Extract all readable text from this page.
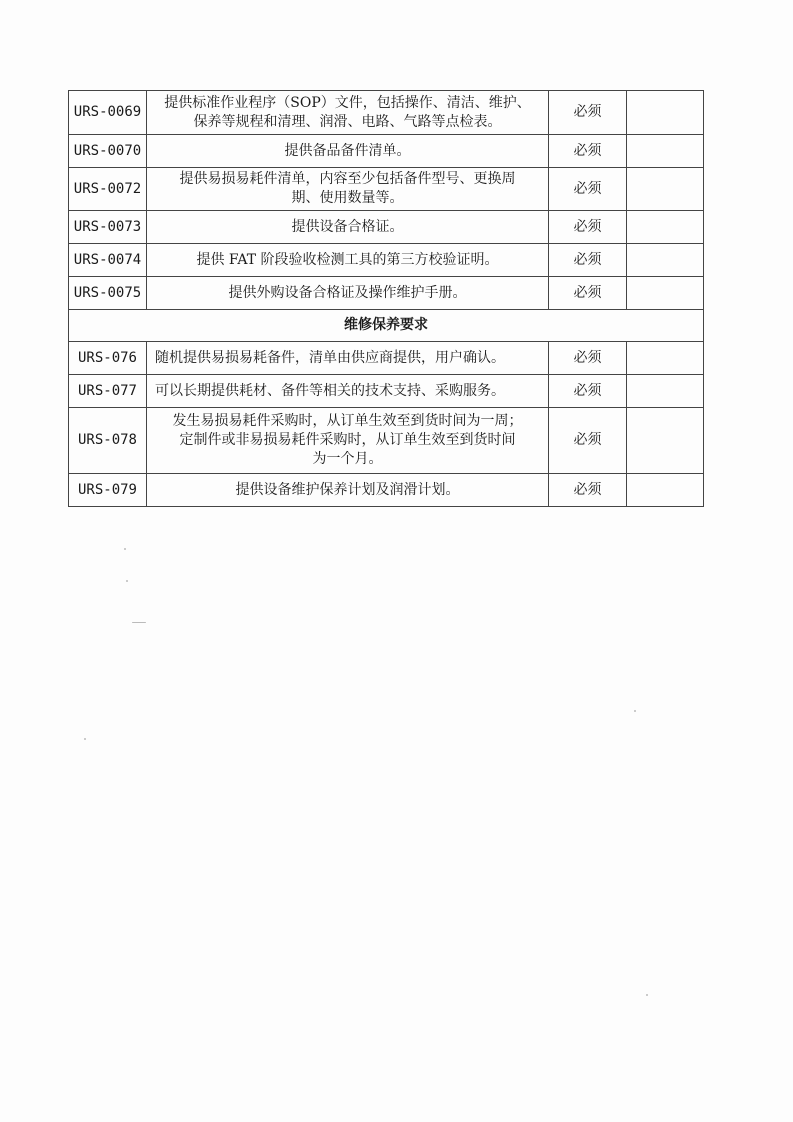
URS-0069	提供标准作业程序（SOP）文件，包括操作、清洁、维护、
保养等规程和清理、润滑、电路、气路等点检表。	必须	
URS-0070	提供备品备件清单。	必须	
URS-0072	提供易损易耗件清单，内容至少包括备件型号、更换周
期、使用数量等。	必须	
URS-0073	提供设备合格证。	必须	
URS-0074	提供 FAT 阶段验收检测工具的第三方校验证明。	必须	
URS-0075	提供外购设备合格证及操作维护手册。	必须	
维修保养要求			
URS-076	随机提供易损易耗备件，清单由供应商提供，用户确认。	必须	
URS-077	可以长期提供耗材、备件等相关的技术支持、采购服务。	必须	
URS-078	发生易损易耗件采购时，从订单生效至到货时间为一周；
定制件或非易损易耗件采购时，从订单生效至到货时间
为一个月。	必须	
URS-079	提供设备维护保养计划及润滑计划。	必须	
